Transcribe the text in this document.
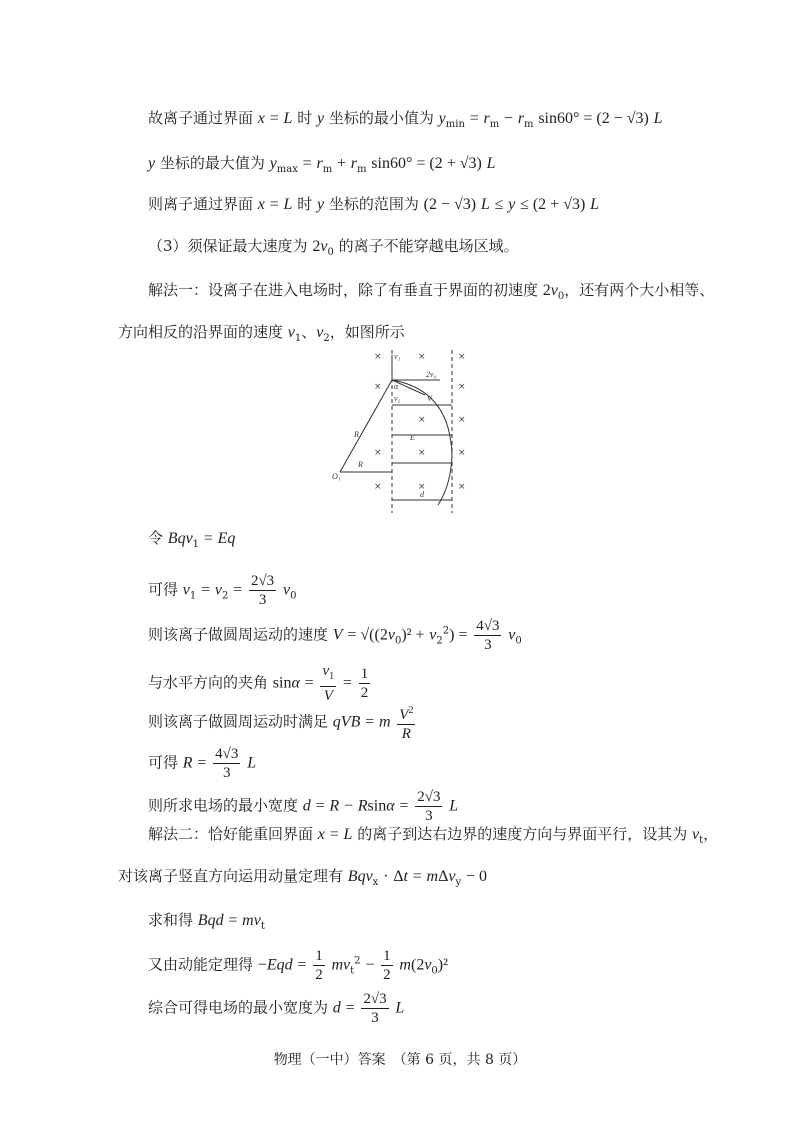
故离子通过界面 x = L 时 y 坐标的最小值为 $y_{min} = r_m - r_m$ sin60° = (2 − √3) L
y 坐标的最大值为 $y_{max} = r_m + r_m$ sin60° = (2 + √3) L
则离子通过界面 x = L 时 y 坐标的范围为 (2 − √3) L ≤ y ≤ (2 + √3) L
（3）须保证最大速度为 $2v_0$ 的离子不能穿越电场区域。
解法一：设离子在进入电场时，除了有垂直于界面的初速度 $2v_0$，还有两个大小相等、
方向相反的沿界面的速度 $v_1$、$v_2$，如图所示
v₁
2v₀
α
V
v₂
R	E
R
O₁
d
×	×	×
×	×
×	×
×	×	×
×	×	×
令 Bqv$_1$ = Eq
可得 $v_1 = v_2 = \frac{2√3}{3} v_0$
则该离子做圆周运动的速度 $V = √((2v_0)^2 + v_2^2) = \frac{4√3}{3} v_0$
与水平方向的夹角 $\sin\alpha = \frac{v_1}{V} = \frac{1}{2}$
则该离子做圆周运动时满足 qVB = m $\frac{V^2}{R}$
可得 $R = \frac{4√3}{3}$ L
则所求电场的最小宽度 $d = R - Rsin\alpha = \frac{2√3}{3}$ L
解法二：恰好能重回界面 x = L 的离子到达右边界的速度方向与界面平行，设其为 $v_t$，
对该离子竖直方向运用动量定理有 Bqv$_x$ · Δt = mΔv$_y$ − 0
求和得 Bqd = $mv_t$
又由动能定理得 $-Eqd = \frac{1}{2} mv_t^2 - \frac{1}{2} m(2v_0)^2$
综合可得电场的最小宽度为 $d = \frac{2√3}{3}$ L
物理（一中）答案　（第 6 页，共 8 页）
